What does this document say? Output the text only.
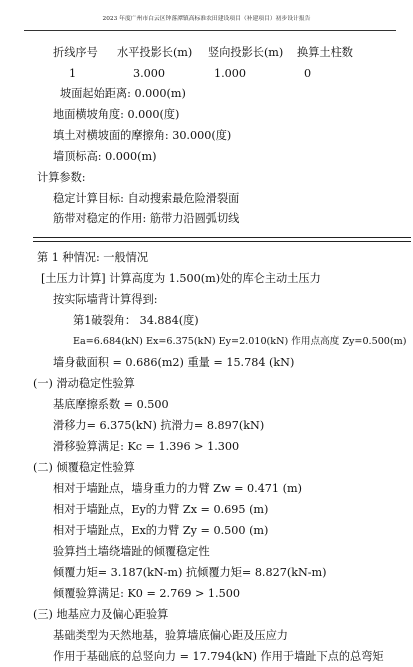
2023 年度广州市白云区钟落潭镇高标准农田建设项目（补建项目）初步设计报告
折线序号 水平投影长(m) 竖向投影长(m) 换算土柱数
1	3.000	1.000	0
坡面起始距离: 0.000(m)
地面横坡角度: 0.000(度)
填土对横坡面的摩擦角: 30.000(度)
墙顶标高: 0.000(m)
计算参数:
稳定计算目标: 自动搜索最危险滑裂面
筋带对稳定的作用: 筋带力沿圆弧切线
第 1 种情况: 一般情况
[土压力计算] 计算高度为 1.500(m)处的库仑主动土压力
按实际墙背计算得到:
第1破裂角： 34.884(度)
Ea=6.684(kN) Ex=6.375(kN) Ey=2.010(kN) 作用点高度 Zy=0.500(m)
墙身截面积 = 0.686(m2) 重量 = 15.784 (kN)
(一) 滑动稳定性验算
基底摩擦系数 = 0.500
滑移力= 6.375(kN) 抗滑力= 8.897(kN)
滑移验算满足: Kc = 1.396 > 1.300
(二) 倾覆稳定性验算
相对于墙趾点，墙身重力的力臂 Zw = 0.471 (m)
相对于墙趾点，Ey的力臂 Zx = 0.695 (m)
相对于墙趾点，Ex的力臂 Zy = 0.500 (m)
验算挡土墙绕墙趾的倾覆稳定性
倾覆力矩= 3.187(kN-m) 抗倾覆力矩= 8.827(kN-m)
倾覆验算满足: K0 = 2.769 > 1.500
(三) 地基应力及偏心距验算
基础类型为天然地基，验算墙底偏心距及压应力
作用于基础底的总竖向力 = 17.794(kN) 作用于墙趾下点的总弯矩
